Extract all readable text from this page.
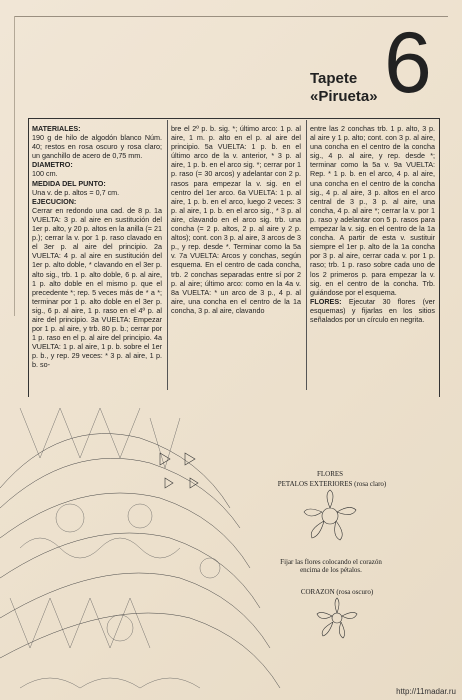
Tapete
«Pirueta» 6

MATERIALES:
190 g de hilo de algodón blanco Núm. 40; restos en rosa oscuro y rosa claro; un ganchillo de acero de 0,75 mm.

DIAMETRO:
100 cm.

MEDIDA DEL PUNTO:
Una v. de p. altos = 0,7 cm.

EJECUCION:
Cerrar en redondo una cad. de 8 p. 1a VUELTA: 3 p. al aire en sustitución del 1er p. alto, y 20 p. altos en la anilla (= 21 p.); cerrar la v. por 1 p. raso clavado en el 3er p. al aire del principio. 2a VUELTA: 4 p. al aire en sustitución del 1er p. alto doble, * clavando en el 3er p. alto sig., trb. 1 p. alto doble, 6 p. al aire, 1 p. alto doble en el mismo p. que el precedente *; rep. 5 veces más de * a *; terminar por 1 p. alto doble en el 3er p. sig., 6 p. al aire, 1 p. raso en el 4º p. al aire del principio. 3a VUELTA: Empezar por 1 p. al aire, y trb. 80 p. b.; cerrar por 1 p. raso en el p. al aire del principio. 4a VUELTA: 1 p. al aire, 1 p. b. sobre el 1er p. b., y rep. 29 veces: * 3 p. al aire, 1 p. b. so-

bre el 2º p. b. sig. *; último arco: 1 p. al aire, 1 m. p. alto en el p. al aire del principio. 5a VUELTA: 1 p. b. en el último arco de la v. anterior, * 3 p. al aire, 1 p. b. en el arco sig. *; cerrar por 1 p. raso (= 30 arcos) y adelantar con 2 p. rasos para empezar la v. sig. en el centro del 1er arco. 6a VUELTA: 1 p. al aire, 1 p. b. en el arco, luego 2 veces: 3 p. al aire, 1 p. b. en el arco sig., * 3 p. al aire, clavando en el arco sig. trb. una concha (= 2 p. altos, 2 p. al aire y 2 p. altos); cont. con 3 p. al aire, 3 arcos de 3 p., y rep. desde *. Terminar como la 5a v. 7a VUELTA: Arcos y conchas, según esquema. En el centro de cada concha, trb. 2 conchas separadas entre sí por 2 p. al aire; último arco: como en la 4a v. 8a VUELTA: * un arco de 3 p., 4 p. al aire, una concha en el centro de la 1a concha, 3 p. al aire, clavando

entre las 2 conchas trb. 1 p. alto, 3 p. al aire y 1 p. alto; cont. con 3 p. al aire, una concha en el centro de la concha sig., 4 p. al aire, y rep. desde *; terminar como la 5a v. 9a VUELTA: Rep. * 1 p. b. en el arco, 4 p. al aire, una concha en el centro de la concha sig., 4 p. al aire, 3 p. altos en el arco central de 3 p., 3 p. al aire, una concha, 4 p. al aire *; cerrar la v. por 1 p. raso y adelantar con 5 p. rasos para empezar la v. sig. en el centro de la 1a concha. A partir de esta v. sustituir siempre el 1er p. alto de la 1a concha por 3 p. al aire, cerrar cada v. por 1 p. raso; trb. 1 p. raso sobre cada uno de los 2 primeros p. para empezar la v. sig. en el centro de la concha. Trb. guiándose por el esquema.

FLORES: Ejecutar 30 flores (ver esquemas) y fijarlas en los sitios señalados por un círculo en negrita.

FLORES
PETALOS EXTERIORES (rosa claro)
Fijar las flores colocando el corazón encima de los pétalos.
CORAZON (rosa oscuro)
http://11madar.ru
